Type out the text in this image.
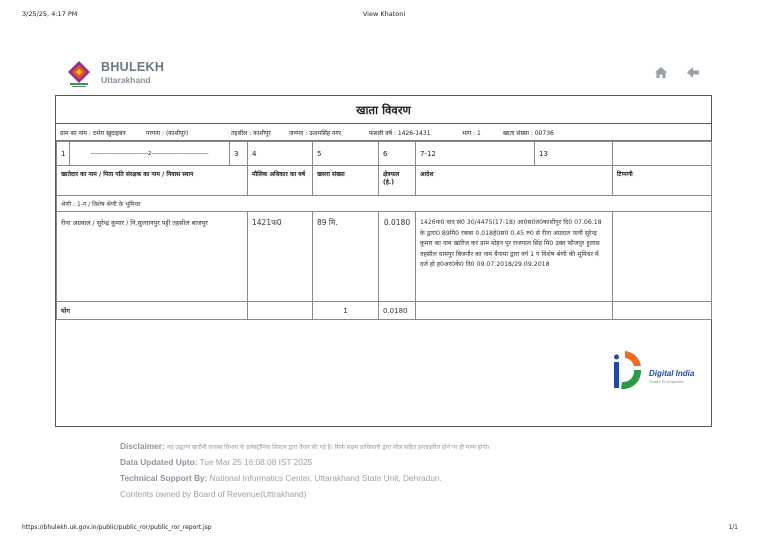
3/25/25, 4:17 PM	View Khatoni
BHULEKH
Uttarakhand
खाता विवरण
ग्राम का नाम : दभेरा खुदाहबन	परगना : (काशीपुर)	तहसील : काशीपुर	जनपद : ऊधमसिंह नगर	फसली वर्ष : 1426-1431	भाग : 1	खाता संख्या : 00736
1	----------------------------------2----------------------------------	3	4	5	6	7-12	13	
खातेदार का नाम / पिता पति संरक्षक का नाम / निवास स्थान			मौलिक अधिकार का वर्ष	खसरा संख्या	क्षेत्रफल (हे.)	आदेश		टिप्पणी
श्रेणी : 1-ग / विशेष श्रेणी के भूमिधर								
रीना अग्रवाल / सुरेन्द्र कुमार / नि.सुल्तानपुर पट्टी तहसील बाजपुर			1421फ0	89 मि.	0.0180	1426फ0 वाद सं0 30/4475(17-18) आ0स0त0काशीपुर दि0 07.06.18 के द्वारा0 89मि0 रकबा 0.018हे0स0 0.45 रु0 से रीना अग्रवाल पत्नी सुरेन्द्र कुमार का नाम खारिज कर ग्राम मोहन पुर राजपाल सिंह मि0 उक्त फौजपुर हुलास तहसील धामपुर बिजनौर का नाम बैनामा द्वारा वर्ग 1 ग विशेष श्रेणी की भूमिधर में दर्ज हो ह0अर0के0 दि0 09.07.2018/29.09.2018		
योग				1	0.0180			
Disclaimer: यह उद्धरण खतौनी राजस्व विभाग के इलेक्ट्रॉनिक सिस्टम द्वारा तैयार की गई है। सिर्फ सक्षम प्राधिकारी द्वारा सील सहित हस्ताक्षरित होने पर ही मान्य होगी।
Data Updated Upto: Tue Mar 25 16:08:08 IST 2025
Technical Support By: National Informatics Center, Uttarakhand State Unit, Dehradun.
Contents owned by Board of Revenue(Uttrakhand)
Digital India
Power To Empower
https://bhulekh.uk.gov.in/public/public_ror/public_ror_report.jsp	1/1
